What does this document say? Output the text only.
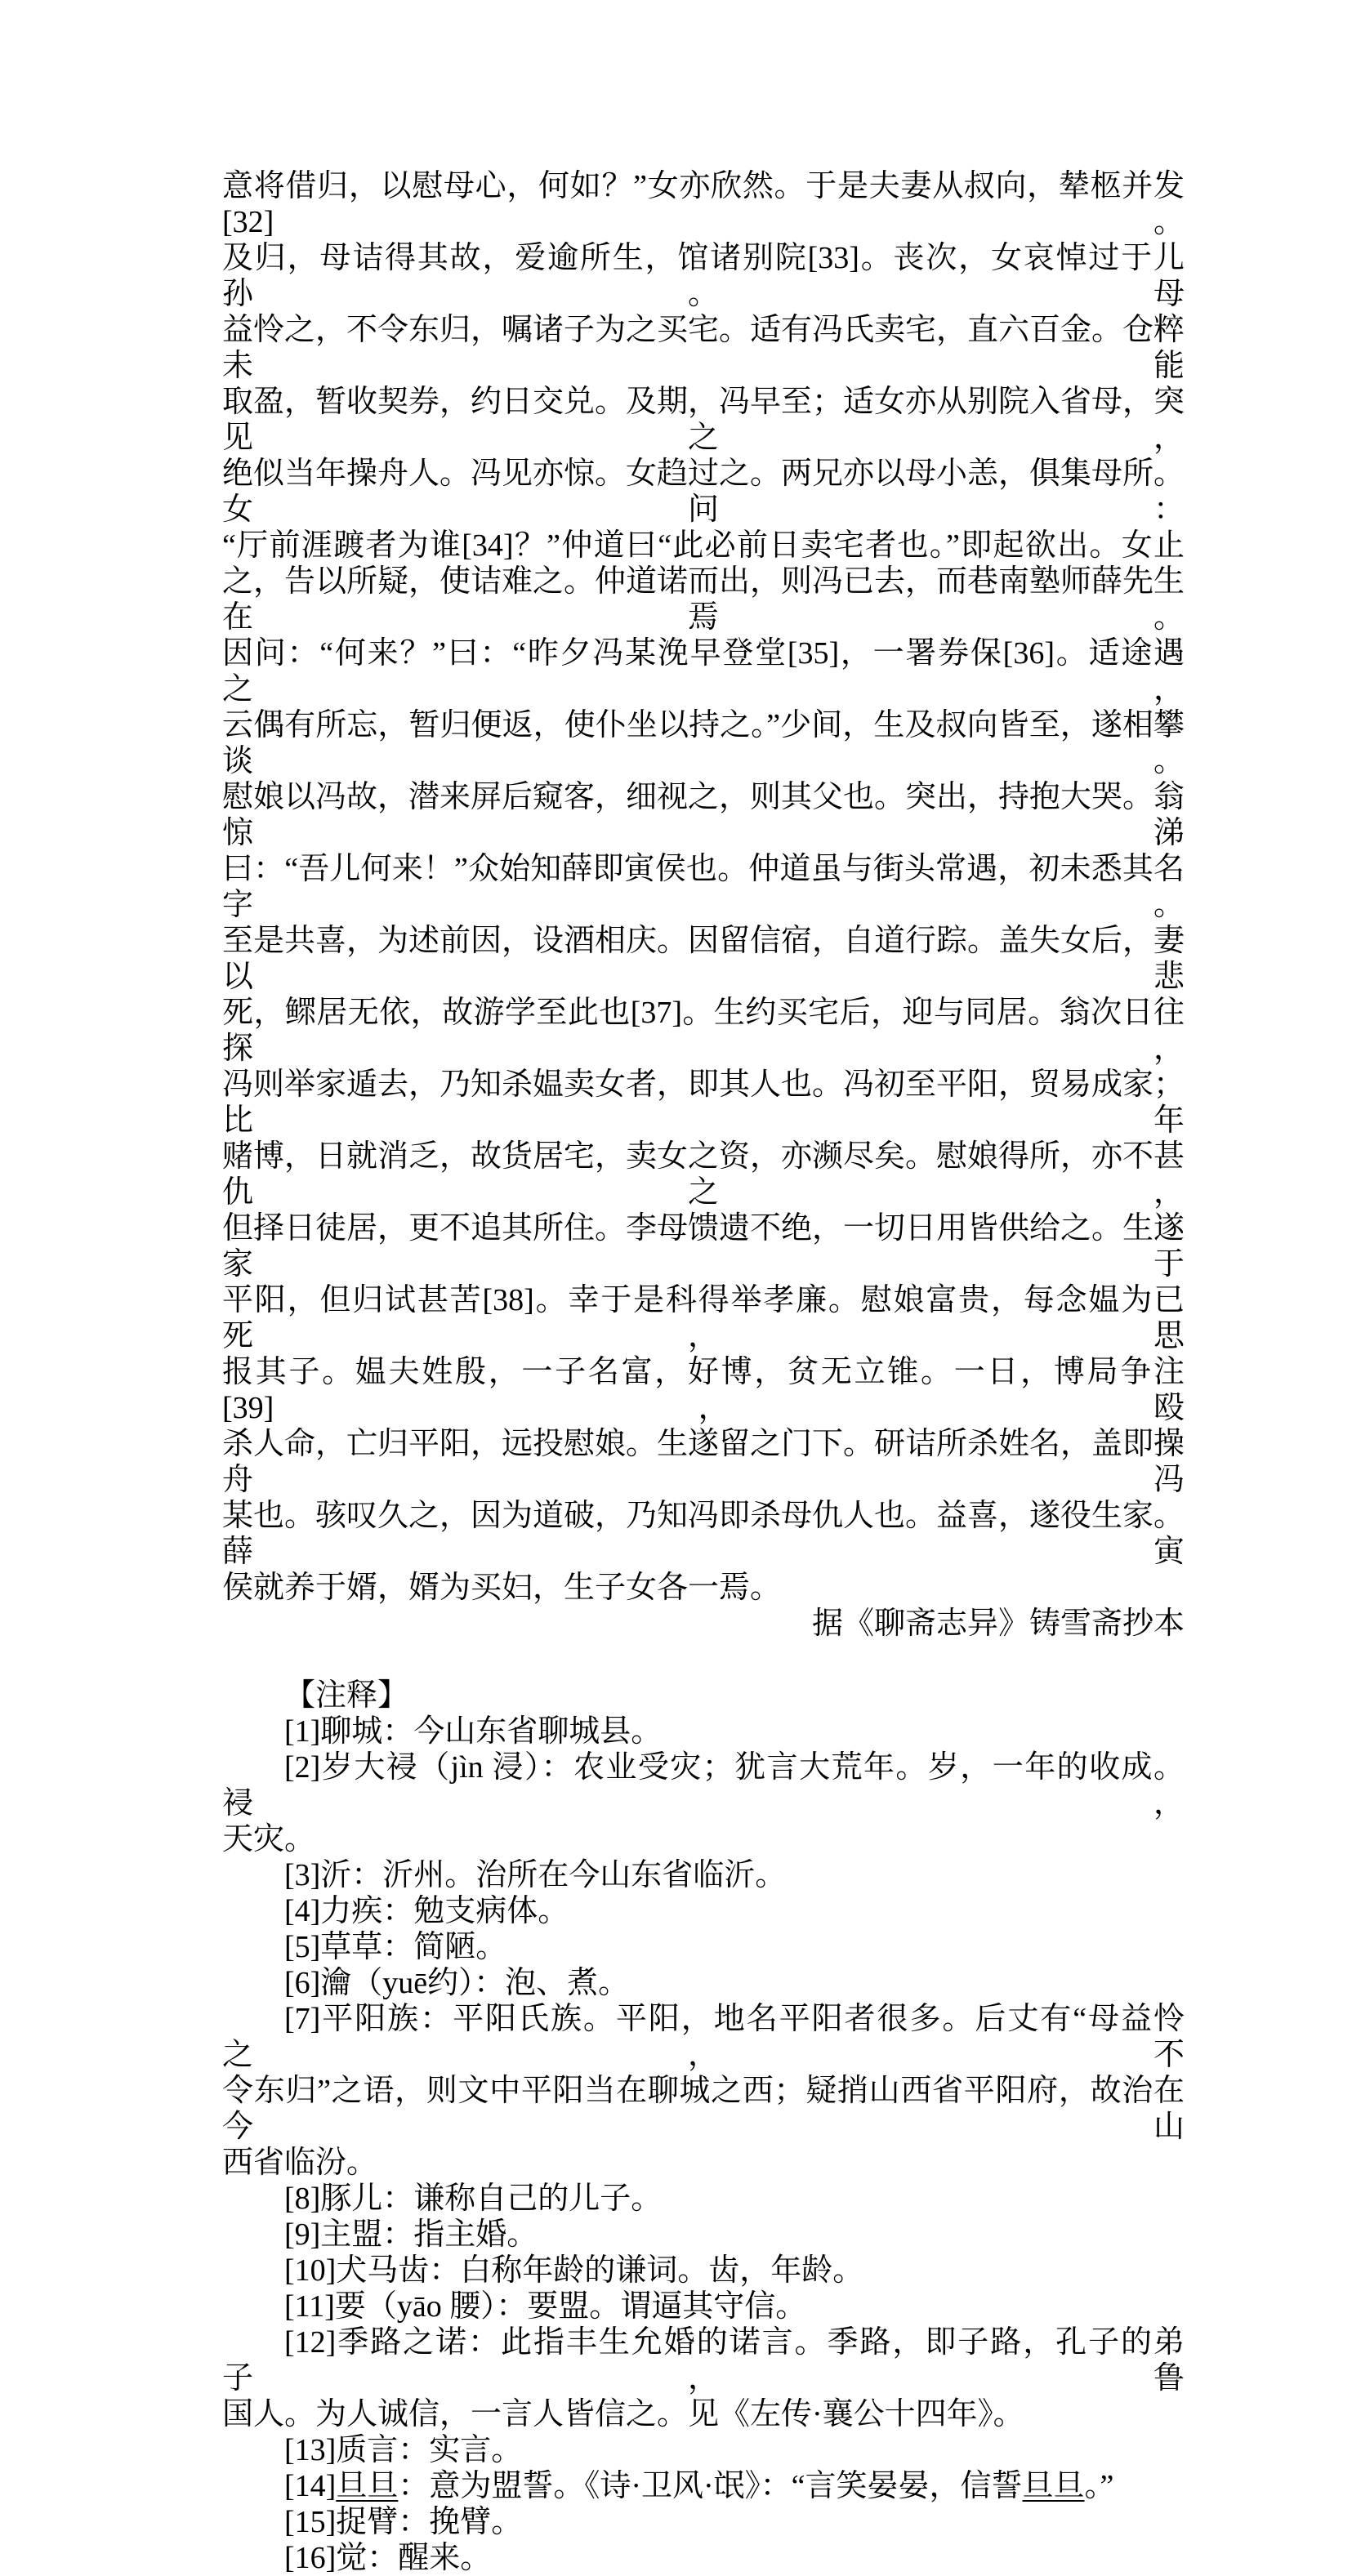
意将借归，以慰母心，何如？”女亦欣然。于是夫妻从叔向，辇柩并发[32]。
及归，母诘得其故，爱逾所生，馆诸别院[33]。丧次，女哀悼过于儿孙。母
益怜之，不令东归，嘱诸子为之买宅。适有冯氏卖宅，直六百金。仓粹未能
取盈，暂收契券，约日交兑。及期，冯早至；适女亦从别院入省母，突见之，
绝似当年操舟人。冯见亦惊。女趋过之。两兄亦以母小恙，俱集母所。女问：
“厅前涯踱者为谁[34]？”仲道曰“此必前日卖宅者也。”即起欲出。女止
之，告以所疑，使诘难之。仲道诺而出，则冯已去，而巷南塾师薛先生在焉。
因问：“何来？”曰：“昨夕冯某浼早登堂[35]，一署券保[36]。适途遇之，
云偶有所忘，暂归便返，使仆坐以持之。”少间，生及叔向皆至，遂相攀谈。
慰娘以冯故，潜来屏后窥客，细视之，则其父也。突出，持抱大哭。翁惊涕
曰：“吾儿何来！”众始知薛即寅侯也。仲道虽与街头常遇，初未悉其名字。
至是共喜，为述前因，设酒相庆。因留信宿，自道行踪。盖失女后，妻以悲
死，鳏居无依，故游学至此也[37]。生约买宅后，迎与同居。翁次日往探，
冯则举家遁去，乃知杀媪卖女者，即其人也。冯初至平阳，贸易成家；比年
赌博，日就消乏，故货居宅，卖女之资，亦濒尽矣。慰娘得所，亦不甚仇之，
但择日徒居，更不追其所住。李母馈遗不绝，一切日用皆供给之。生遂家于
平阳，但归试甚苦[38]。幸于是科得举孝廉。慰娘富贵，每念媪为已死，思
报其子。媪夫姓殷，一子名富，好博，贫无立锥。一日，博局争注[39]，殴
杀人命，亡归平阳，远投慰娘。生遂留之门下。研诘所杀姓名，盖即操舟冯
某也。骇叹久之，因为道破，乃知冯即杀母仇人也。益喜，遂役生家。薛寅
侯就养于婿，婿为买妇，生子女各一焉。
据《聊斋志异》铸雪斋抄本
【注释】
[1]聊城：今山东省聊城县。
[2]岁大祲（jìn 浸）：农业受灾；犹言大荒年。岁，一年的收成。祲，
天灾。
[3]沂：沂州。治所在今山东省临沂。
[4]力疾：勉支病体。
[5]草草：简陋。
[6]瀹（yuē约）：泡、煮。
[7]平阳族：平阳氏族。平阳，地名平阳者很多。后丈有“母益怜之，不
令东归”之语，则文中平阳当在聊城之西；疑捎山西省平阳府，故治在今山
西省临汾。
[8]豚儿：谦称自己的儿子。
[9]主盟：指主婚。
[10]犬马齿：白称年龄的谦词。齿，年龄。
[11]要（yāo 腰）：要盟。谓逼其守信。
[12]季路之诺：此指丰生允婚的诺言。季路，即子路，孔子的弟子，鲁
国人。为人诚信，一言人皆信之。见《左传·襄公十四年》。
[13]质言：实言。
[14]旦旦：意为盟誓。《诗·卫风·氓》：“言笑晏晏，信誓旦旦。”
[15]捉臂：挽臂。
[16]觉：醒来。
